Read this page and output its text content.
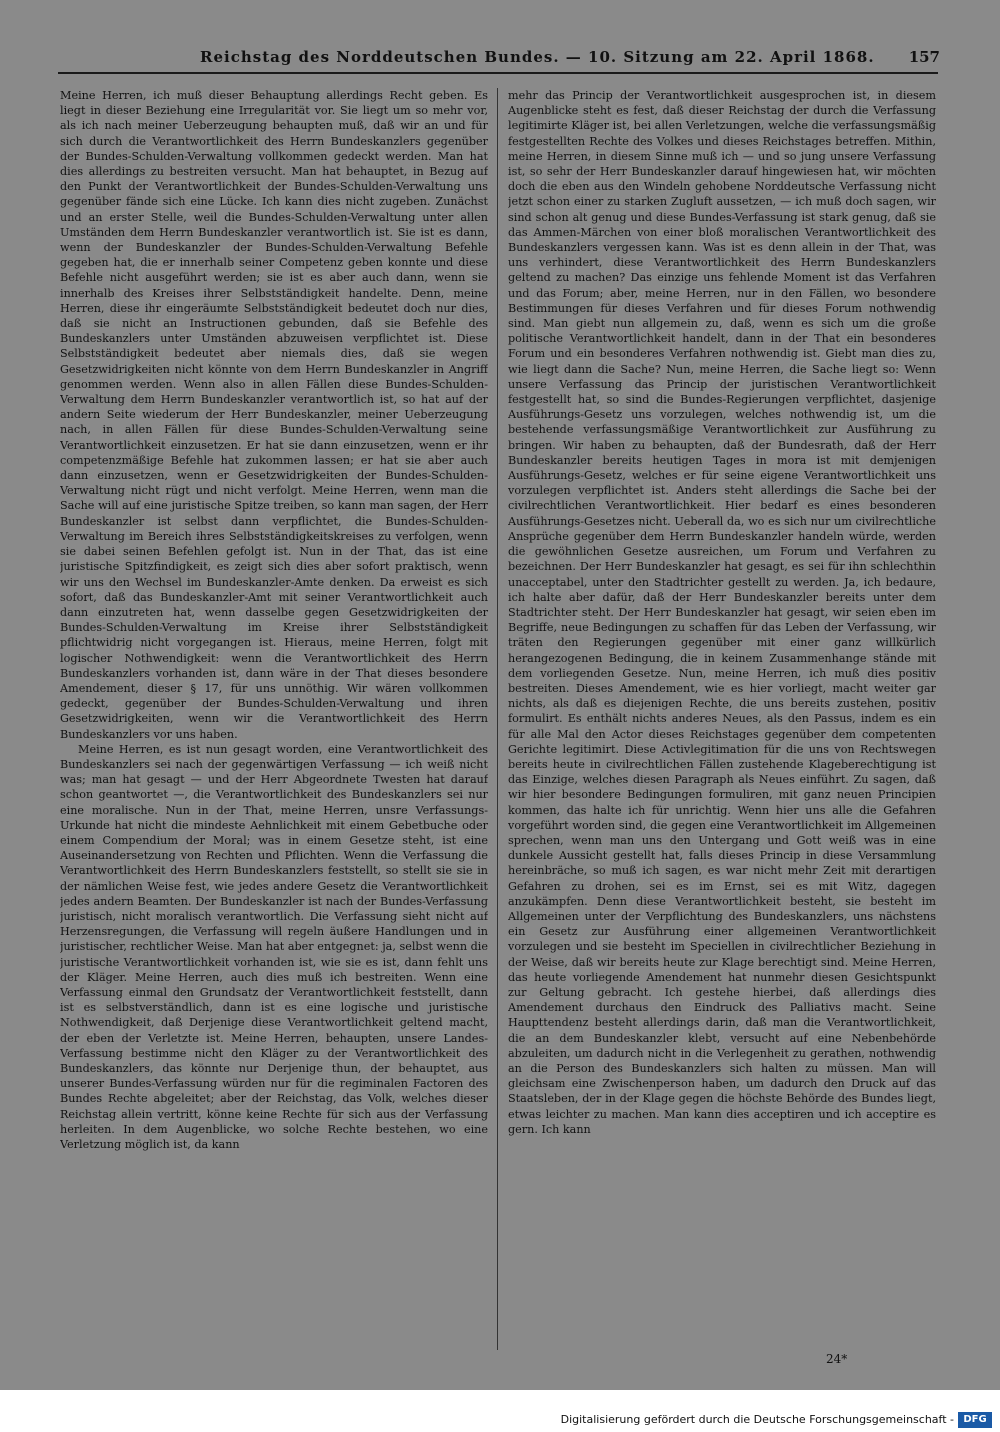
Reichstag des Norddeutschen Bundes. — 10. Sitzung am 22. April 1868.	157

Meine Herren, ich muß dieser Behauptung allerdings Recht geben. Es liegt in dieser Beziehung eine Irregularität vor. Sie liegt um so mehr vor, als ich nach meiner Ueberzeugung behaupten muß, daß wir an und für sich durch die Verantwortlichkeit des Herrn Bundeskanzlers gegenüber der Bundes-Schulden-Verwaltung vollkommen gedeckt werden. Man hat dies allerdings zu bestreiten versucht. Man hat behauptet, in Bezug auf den Punkt der Verantwortlichkeit der Bundes-Schulden-Verwaltung uns gegenüber fände sich eine Lücke. Ich kann dies nicht zugeben. Zunächst und an erster Stelle, weil die Bundes-Schulden-Verwaltung unter allen Umständen dem Herrn Bundeskanzler verantwortlich ist. Sie ist es dann, wenn der Bundeskanzler der Bundes-Schulden-Verwaltung Befehle gegeben hat, die er innerhalb seiner Competenz geben konnte und diese Befehle nicht ausgeführt werden; sie ist es aber auch dann, wenn sie innerhalb des Kreises ihrer Selbstständigkeit handelte. Denn, meine Herren, diese ihr eingeräumte Selbstständigkeit bedeutet doch nur dies, daß sie nicht an Instructionen gebunden, daß sie Befehle des Bundeskanzlers unter Umständen abzuweisen verpflichtet ist. Diese Selbstständigkeit bedeutet aber niemals dies, daß sie wegen Gesetzwidrigkeiten nicht könnte von dem Herrn Bundeskanzler in Angriff genommen werden. Wenn also in allen Fällen diese Bundes-Schulden-Verwaltung dem Herrn Bundeskanzler verantwortlich ist, so hat auf der andern Seite wiederum der Herr Bundeskanzler, meiner Ueberzeugung nach, in allen Fällen für diese Bundes-Schulden-Verwaltung seine Verantwortlichkeit einzusetzen. Er hat sie dann einzusetzen, wenn er ihr competenzmäßige Befehle hat zukommen lassen; er hat sie aber auch dann einzusetzen, wenn er Gesetzwidrigkeiten der Bundes-Schulden-Verwaltung nicht rügt und nicht verfolgt. Meine Herren, wenn man die Sache will auf eine juristische Spitze treiben, so kann man sagen, der Herr Bundeskanzler ist selbst dann verpflichtet, die Bundes-Schulden-Verwaltung im Bereich ihres Selbstständigkeitskreises zu verfolgen, wenn sie dabei seinen Befehlen gefolgt ist. Nun in der That, das ist eine juristische Spitzfindigkeit, es zeigt sich dies aber sofort praktisch, wenn wir uns den Wechsel im Bundeskanzler-Amte denken. Da erweist es sich sofort, daß das Bundeskanzler-Amt mit seiner Verantwortlichkeit auch dann einzutreten hat, wenn dasselbe gegen Gesetzwidrigkeiten der Bundes-Schulden-Verwaltung im Kreise ihrer Selbstständigkeit pflichtwidrig nicht vorgegangen ist. Hieraus, meine Herren, folgt mit logischer Nothwendigkeit: wenn die Verantwortlichkeit des Herrn Bundeskanzlers vorhanden ist, dann wäre in der That dieses besondere Amendement, dieser § 17, für uns unnöthig. Wir wären vollkommen gedeckt, gegenüber der Bundes-Schulden-Verwaltung und ihren Gesetzwidrigkeiten, wenn wir die Verantwortlichkeit des Herrn Bundeskanzlers vor uns haben.

Meine Herren, es ist nun gesagt worden, eine Verantwortlichkeit des Bundeskanzlers sei nach der gegenwärtigen Verfassung — ich weiß nicht was; man hat gesagt — und der Herr Abgeordnete Twesten hat darauf schon geantwortet —, die Verantwortlichkeit des Bundeskanzlers sei nur eine moralische. Nun in der That, meine Herren, unsre Verfassungs-Urkunde hat nicht die mindeste Aehnlichkeit mit einem Gebetbuche oder einem Compendium der Moral; was in einem Gesetze steht, ist eine Auseinandersetzung von Rechten und Pflichten. Wenn die Verfassung die Verantwortlichkeit des Herrn Bundeskanzlers feststellt, so stellt sie sie in der nämlichen Weise fest, wie jedes andere Gesetz die Verantwortlichkeit jedes andern Beamten. Der Bundeskanzler ist nach der Bundes-Verfassung juristisch, nicht moralisch verantwortlich. Die Verfassung sieht nicht auf Herzensregungen, die Verfassung will regeln äußere Handlungen und in juristischer, rechtlicher Weise. Man hat aber entgegnet: ja, selbst wenn die juristische Verantwortlichkeit vorhanden ist, wie sie es ist, dann fehlt uns der Kläger. Meine Herren, auch dies muß ich bestreiten. Wenn eine Verfassung einmal den Grundsatz der Verantwortlichkeit feststellt, dann ist es selbstverständlich, dann ist es eine logische und juristische Nothwendigkeit, daß Derjenige diese Verantwortlichkeit geltend macht, der eben der Verletzte ist. Meine Herren, behaupten, unsere Landes-Verfassung bestimme nicht den Kläger zu der Verantwortlichkeit des Bundeskanzlers, das könnte nur Derjenige thun, der behauptet, aus unserer Bundes-Verfassung würden nur für die regiminalen Factoren des Bundes Rechte abgeleitet; aber der Reichstag, das Volk, welches dieser Reichstag allein vertritt, könne keine Rechte für sich aus der Verfassung herleiten. In dem Augenblicke, wo solche Rechte bestehen, wo eine Verletzung möglich ist, da kann

mehr das Princip der Verantwortlichkeit ausgesprochen ist, in diesem Augenblicke steht es fest, daß dieser Reichstag der durch die Verfassung legitimirte Kläger ist, bei allen Verletzungen, welche die verfassungsmäßig festgestellten Rechte des Volkes und dieses Reichstages betreffen. Mithin, meine Herren, in diesem Sinne muß ich — und so jung unsere Verfassung ist, so sehr der Herr Bundeskanzler darauf hingewiesen hat, wir möchten doch die eben aus den Windeln gehobene Norddeutsche Verfassung nicht jetzt schon einer zu starken Zugluft aussetzen, — ich muß doch sagen, wir sind schon alt genug und diese Bundes-Verfassung ist stark genug, daß sie das Ammen-Märchen von einer bloß moralischen Verantwortlichkeit des Bundeskanzlers vergessen kann. Was ist es denn allein in der That, was uns verhindert, diese Verantwortlichkeit des Herrn Bundeskanzlers geltend zu machen? Das einzige uns fehlende Moment ist das Verfahren und das Forum; aber, meine Herren, nur in den Fällen, wo besondere Bestimmungen für dieses Verfahren und für dieses Forum nothwendig sind. Man giebt nun allgemein zu, daß, wenn es sich um die große politische Verantwortlichkeit handelt, dann in der That ein besonderes Forum und ein besonderes Verfahren nothwendig ist. Giebt man dies zu, wie liegt dann die Sache? Nun, meine Herren, die Sache liegt so: Wenn unsere Verfassung das Princip der juristischen Verantwortlichkeit festgestellt hat, so sind die Bundes-Regierungen verpflichtet, dasjenige Ausführungs-Gesetz uns vorzulegen, welches nothwendig ist, um die bestehende verfassungsmäßige Verantwortlichkeit zur Ausführung zu bringen. Wir haben zu behaupten, daß der Bundesrath, daß der Herr Bundeskanzler bereits heutigen Tages in mora ist mit demjenigen Ausführungs-Gesetz, welches er für seine eigene Verantwortlichkeit uns vorzulegen verpflichtet ist. Anders steht allerdings die Sache bei der civilrechtlichen Verantwortlichkeit. Hier bedarf es eines besonderen Ausführungs-Gesetzes nicht. Ueberall da, wo es sich nur um civilrechtliche Ansprüche gegenüber dem Herrn Bundeskanzler handeln würde, werden die gewöhnlichen Gesetze ausreichen, um Forum und Verfahren zu bezeichnen. Der Herr Bundeskanzler hat gesagt, es sei für ihn schlechthin unacceptabel, unter den Stadtrichter gestellt zu werden. Ja, ich bedaure, ich halte aber dafür, daß der Herr Bundeskanzler bereits unter dem Stadtrichter steht. Der Herr Bundeskanzler hat gesagt, wir seien eben im Begriffe, neue Bedingungen zu schaffen für das Leben der Verfassung, wir träten den Regierungen gegenüber mit einer ganz willkürlich herangezogenen Bedingung, die in keinem Zusammenhange stände mit dem vorliegenden Gesetze. Nun, meine Herren, ich muß dies positiv bestreiten. Dieses Amendement, wie es hier vorliegt, macht weiter gar nichts, als daß es diejenigen Rechte, die uns bereits zustehen, positiv formulirt. Es enthält nichts anderes Neues, als den Passus, indem es ein für alle Mal den Actor dieses Reichstages gegenüber dem competenten Gerichte legitimirt. Diese Activlegitimation für die uns von Rechtswegen bereits heute in civilrechtlichen Fällen zustehende Klageberechtigung ist das Einzige, welches diesen Paragraph als Neues einführt. Zu sagen, daß wir hier besondere Bedingungen formuliren, mit ganz neuen Principien kommen, das halte ich für unrichtig. Wenn hier uns alle die Gefahren vorgeführt worden sind, die gegen eine Verantwortlichkeit im Allgemeinen sprechen, wenn man uns den Untergang und Gott weiß was in eine dunkele Aussicht gestellt hat, falls dieses Princip in diese Versammlung hereinbräche, so muß ich sagen, es war nicht mehr Zeit mit derartigen Gefahren zu drohen, sei es im Ernst, sei es mit Witz, dagegen anzukämpfen. Denn diese Verantwortlichkeit besteht, sie besteht im Allgemeinen unter der Verpflichtung des Bundeskanzlers, uns nächstens ein Gesetz zur Ausführung einer allgemeinen Verantwortlichkeit vorzulegen und sie besteht im Speciellen in civilrechtlicher Beziehung in der Weise, daß wir bereits heute zur Klage berechtigt sind. Meine Herren, das heute vorliegende Amendement hat nunmehr diesen Gesichtspunkt zur Geltung gebracht. Ich gestehe hierbei, daß allerdings dies Amendement durchaus den Eindruck des Palliativs macht. Seine Haupttendenz besteht allerdings darin, daß man die Verantwortlichkeit, die an dem Bundeskanzler klebt, versucht auf eine Nebenbehörde abzuleiten, um dadurch nicht in die Verlegenheit zu gerathen, nothwendig an die Person des Bundeskanzlers sich halten zu müssen. Man will gleichsam eine Zwischenperson haben, um dadurch den Druck auf das Staatsleben, der in der Klage gegen die höchste Behörde des Bundes liegt, etwas leichter zu machen. Man kann dies acceptiren und ich acceptire es gern. Ich kann

24*
Digitalisierung gefördert durch die Deutsche Forschungsgemeinschaft - DFG
